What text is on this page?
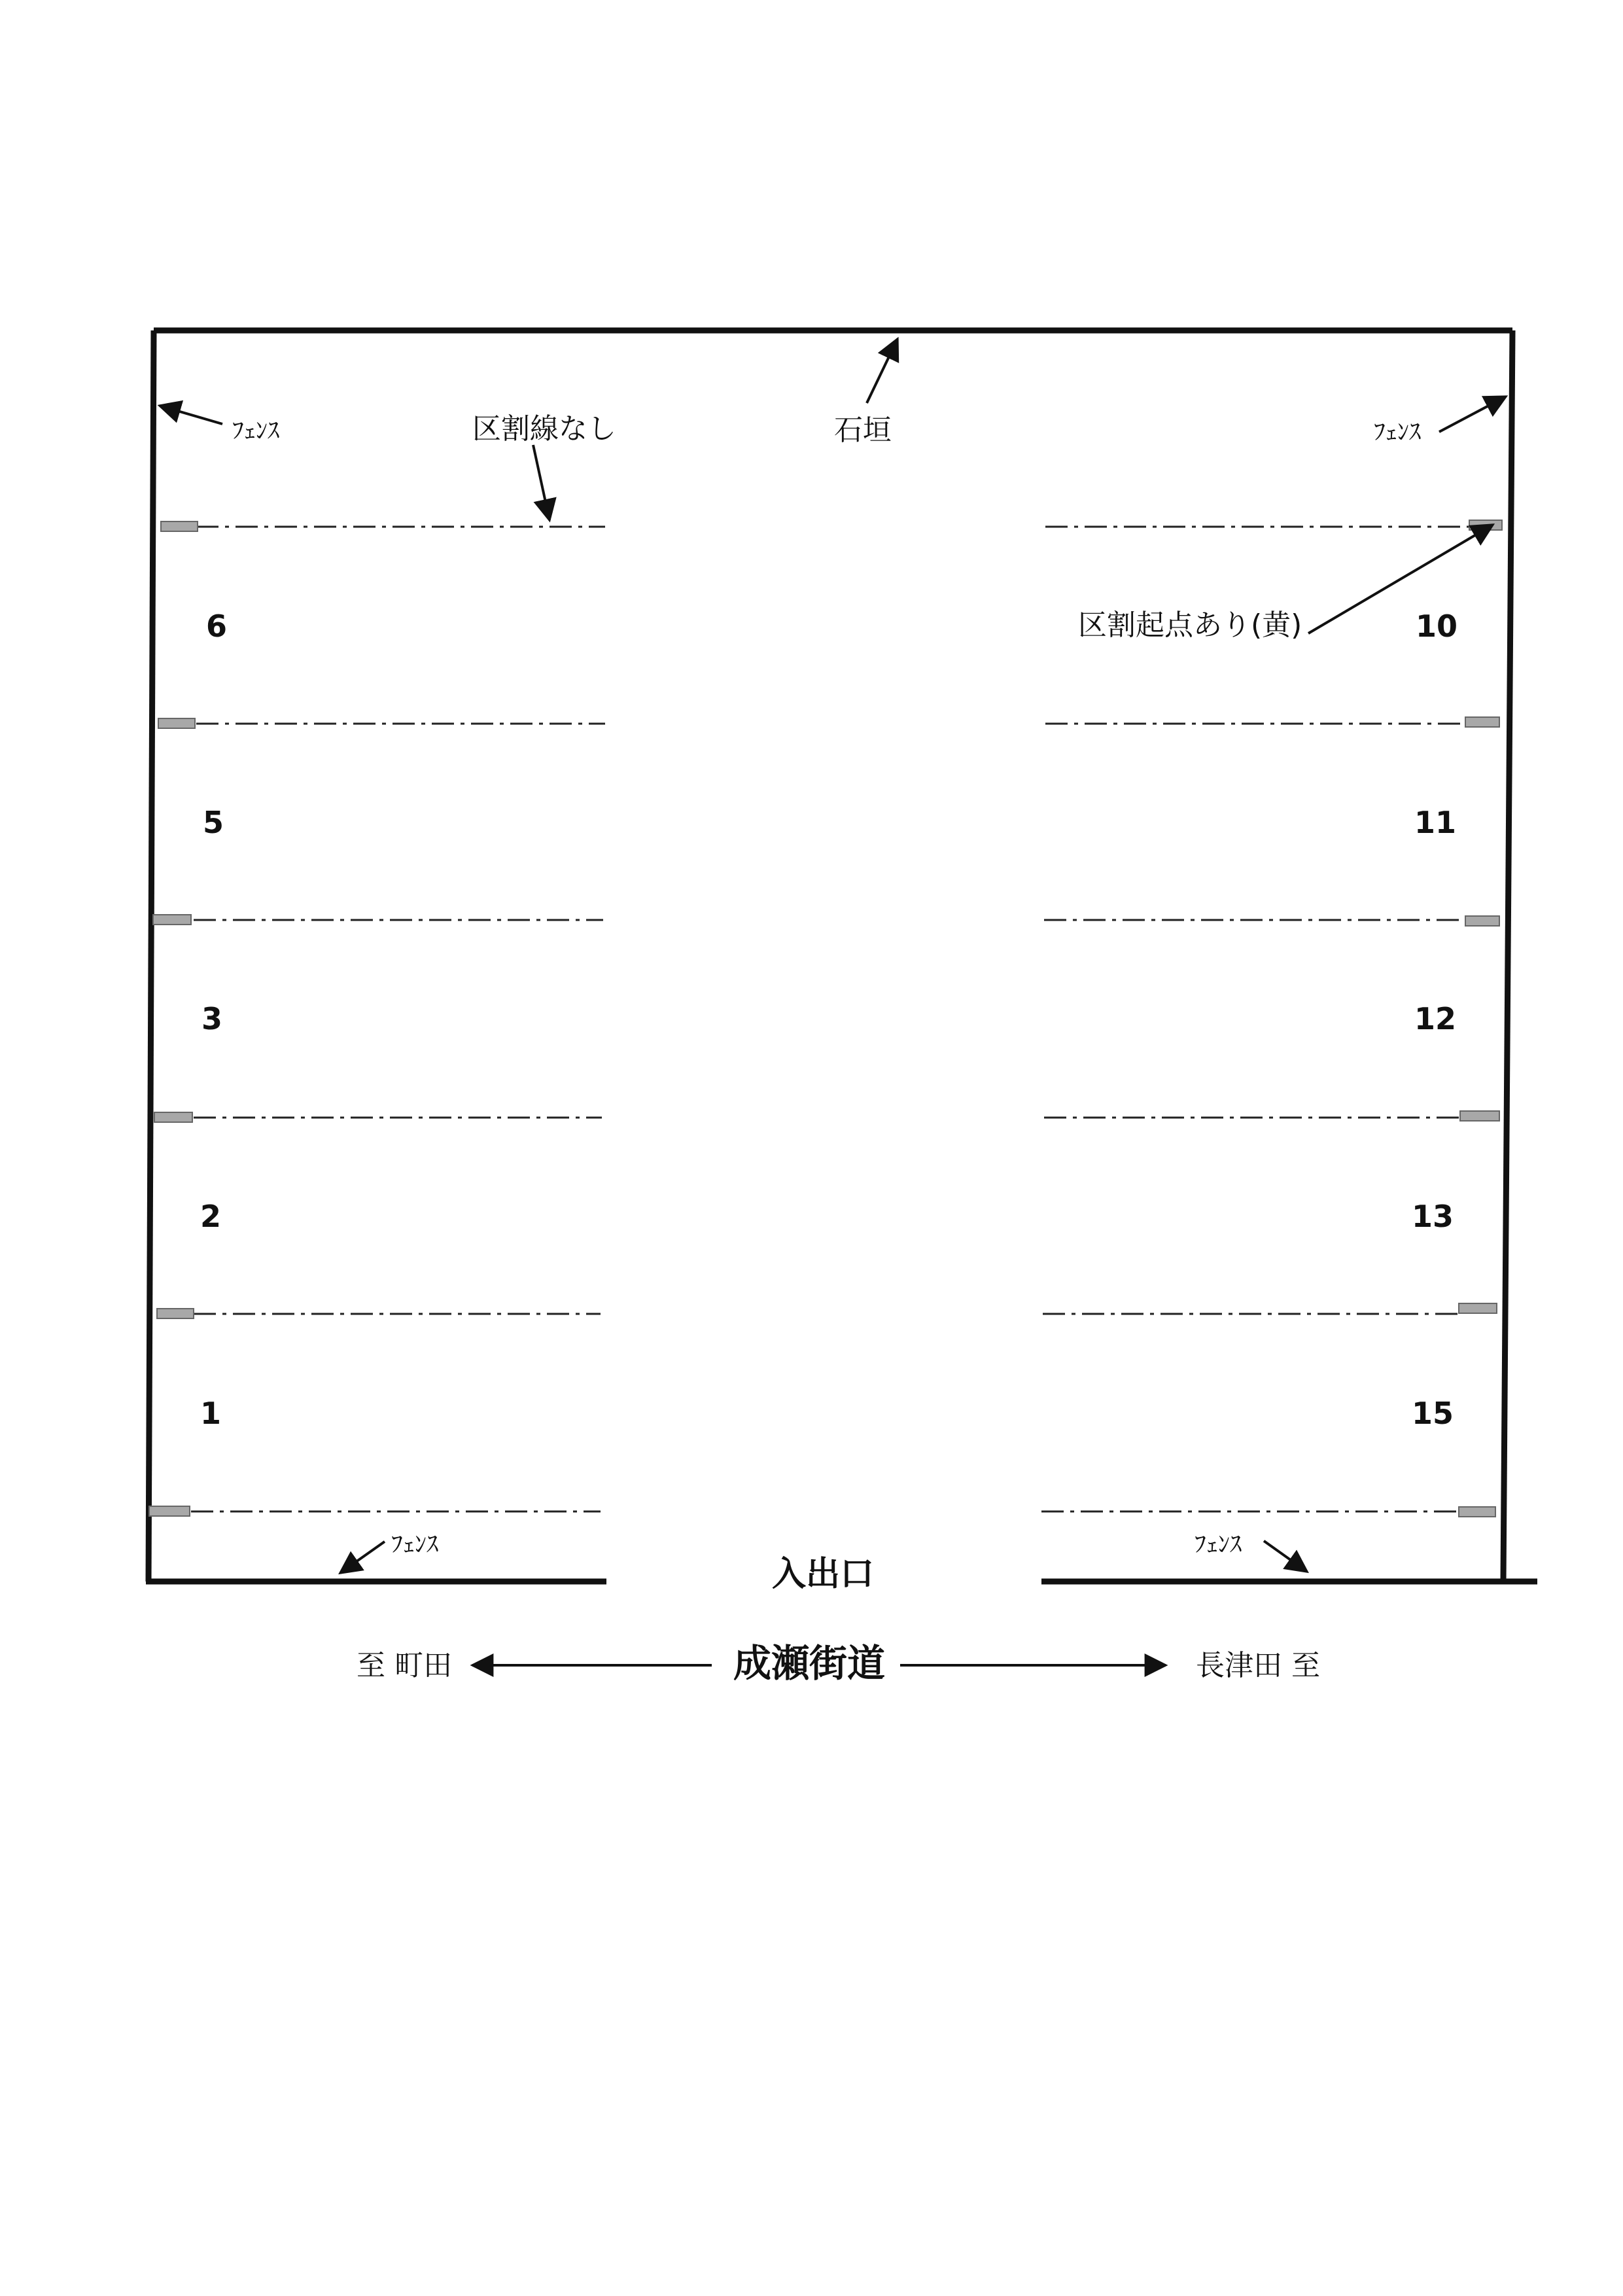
ﾌｪﾝｽ	区割線なし	石垣	ﾌｪﾝｽ
区割起点あり(黄)
ﾌｪﾝｽ	ﾌｪﾝｽ
6
5
3
2
1
10
11
12
13
15
入出口
至 町田	成瀬街道	長津田 至
